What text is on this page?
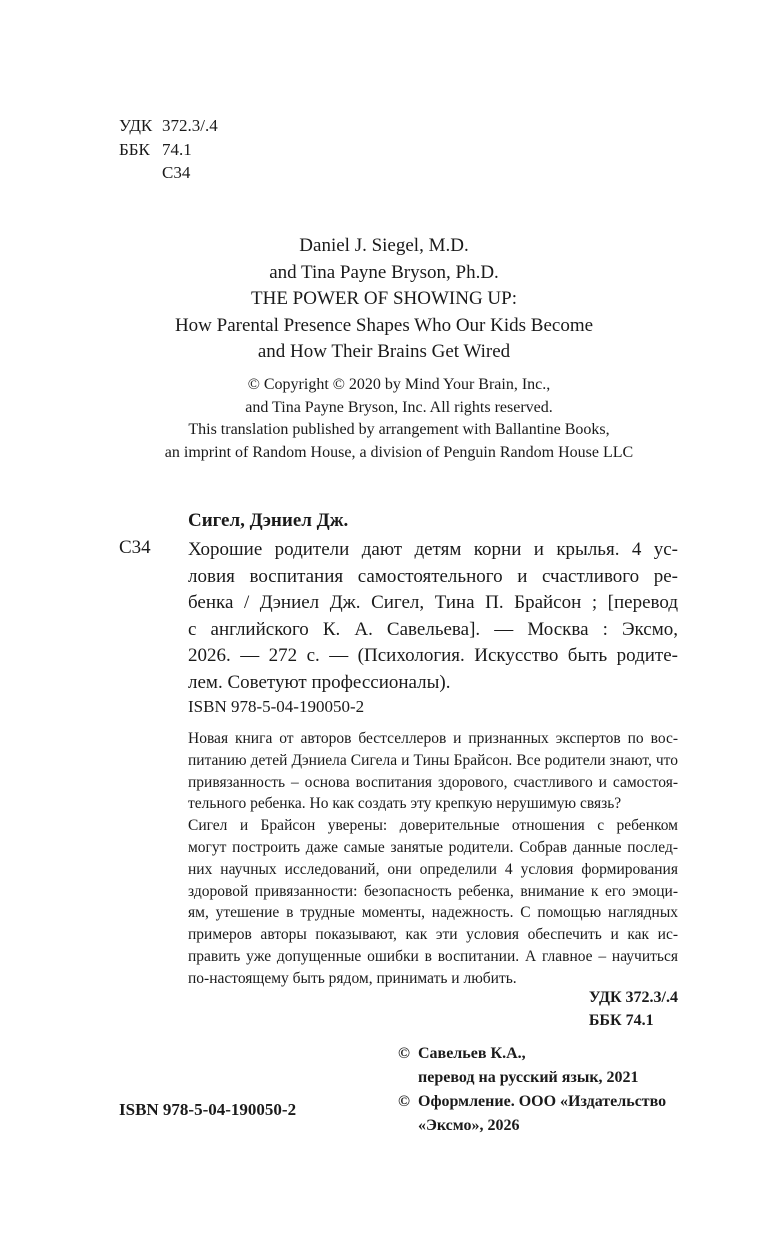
УДК 372.3/.4
ББК 74.1
С34
Daniel J. Siegel, M.D.
and Tina Payne Bryson, Ph.D.
THE POWER OF SHOWING UP:
How Parental Presence Shapes Who Our Kids Become
and How Their Brains Get Wired
© Copyright © 2020 by Mind Your Brain, Inc.,
and Tina Payne Bryson, Inc. All rights reserved.
This translation published by arrangement with Ballantine Books,
an imprint of Random House, a division of Penguin Random House LLC
Сигел, Дэниел Дж.
С34 Хорошие родители дают детям корни и крылья. 4 ус-
ловия воспитания самостоятельного и счастливого ре-
бенка / Дэниел Дж. Сигел, Тина П. Брайсон ; [перевод
с английского К. А. Савельева]. — Москва : Эксмо,
2026. — 272 с. — (Психология. Искусство быть родите-
лем. Советуют профессионалы).
ISBN 978-5-04-190050-2
Новая книга от авторов бестселлеров и признанных экспертов по вос-
питанию детей Дэниела Сигела и Тины Брайсон. Все родители знают, что
привязанность – основа воспитания здорового, счастливого и самостоя-
тельного ребенка. Но как создать эту крепкую нерушимую связь?
Сигел и Брайсон уверены: доверительные отношения с ребенком
могут построить даже самые занятые родители. Собрав данные послед-
них научных исследований, они определили 4 условия формирования
здоровой привязанности: безопасность ребенка, внимание к его эмоци-
ям, утешение в трудные моменты, надежность. С помощью наглядных
примеров авторы показывают, как эти условия обеспечить и как ис-
править уже допущенные ошибки в воспитании. А главное – научиться
по-настоящему быть рядом, принимать и любить.
УДК 372.3/.4
ББК 74.1
© Савельев К.А.,
перевод на русский язык, 2021
© Оформление. ООО «Издательство
«Эксмо», 2026
ISBN 978-5-04-190050-2
